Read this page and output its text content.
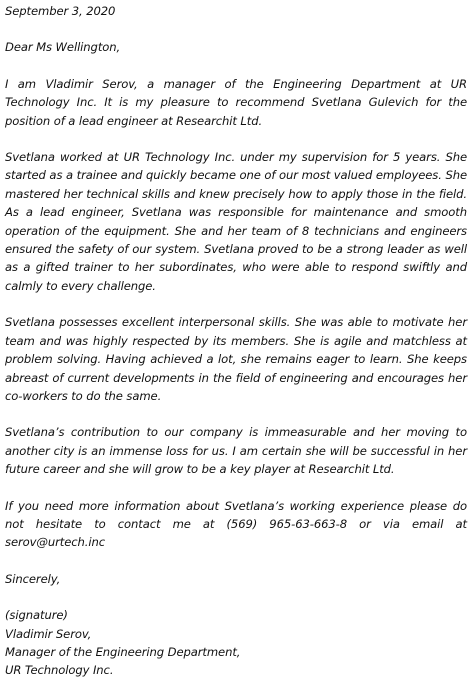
September 3, 2020

Dear Ms Wellington,

I am Vladimir Serov, a manager of the Engineering Department at UR Technology Inc. It is my pleasure to recommend Svetlana Gulevich for the position of a lead engineer at Researchit Ltd.

Svetlana worked at UR Technology Inc. under my supervision for 5 years. She started as a trainee and quickly became one of our most valued employees. She mastered her technical skills and knew precisely how to apply those in the field. As a lead engineer, Svetlana was responsible for maintenance and smooth operation of the equipment. She and her team of 8 technicians and engineers ensured the safety of our system. Svetlana proved to be a strong leader as well as a gifted trainer to her subordinates, who were able to respond swiftly and calmly to every challenge.

Svetlana possesses excellent interpersonal skills. She was able to motivate her team and was highly respected by its members. She is agile and matchless at problem solving. Having achieved a lot, she remains eager to learn. She keeps abreast of current developments in the field of engineering and encourages her co-workers to do the same.

Svetlana’s contribution to our company is immeasurable and her moving to another city is an immense loss for us. I am certain she will be successful in her future career and she will grow to be a key player at Researchit Ltd.

If you need more information about Svetlana’s working experience please do not hesitate to contact me at (569) 965-63-663-8 or via email at serov@urtech.inc

Sincerely,

(signature)
Vladimir Serov,
Manager of the Engineering Department,
UR Technology Inc.
